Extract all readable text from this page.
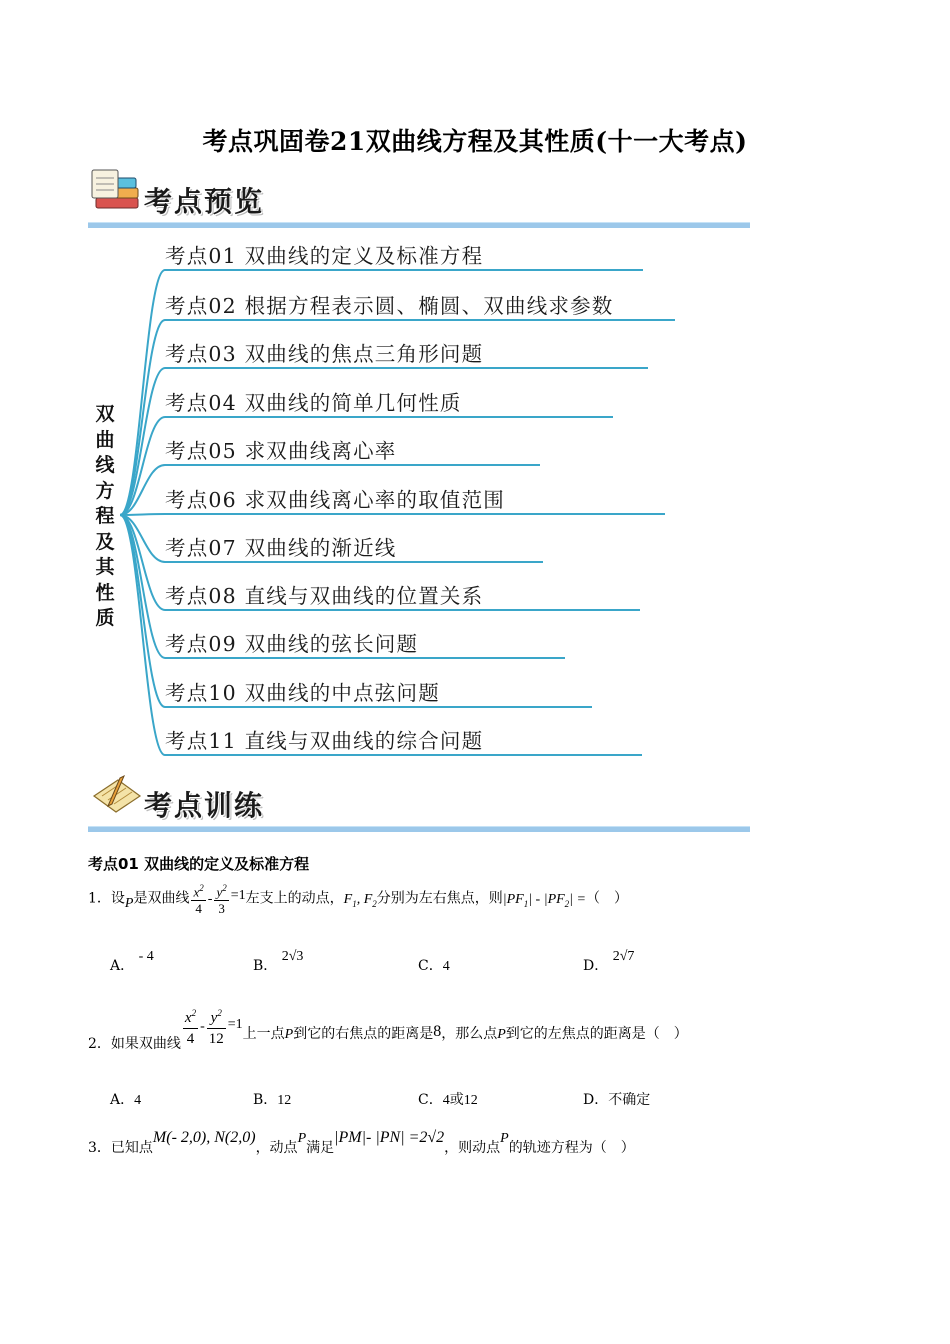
考点巩固卷21双曲线方程及其性质(十一大考点)
考点预览
双
曲
线
方
程
及
其
性
质
考点01 双曲线的定义及标准方程
考点02 根据方程表示圆、椭圆、双曲线求参数
考点03 双曲线的焦点三角形问题
考点04 双曲线的简单几何性质
考点05 求双曲线离心率
考点06 求双曲线离心率的取值范围
考点07 双曲线的渐近线
考点08 直线与双曲线的位置关系
考点09 双曲线的弦长问题
考点10 双曲线的中点弦问题
考点11 直线与双曲线的综合问题
考点训练
考点01 双曲线的定义及标准方程
1．设P是双曲线 $\frac{x^2}{4} - \frac{y^2}{3} =1$左支上的动点，$F_1$, $F_2$分别为左右焦点，则$|PF_1| - |PF_2|$ =（　）
A． - 4
B． 2√3
C．4	D． 2√7
2．如果双曲线 $\frac{x^2}{4} - \frac{y^2}{12} =1$上一点P到它的右焦点的距离是8，那么点P到它的左焦点的距离是（　）
A．4	B．12	C．4或12	D．不确定
3．已知点M(- 2,0), N(2,0)，动点P满足|PM|- |PN| =2√2，则动点P的轨迹方程为（　）
